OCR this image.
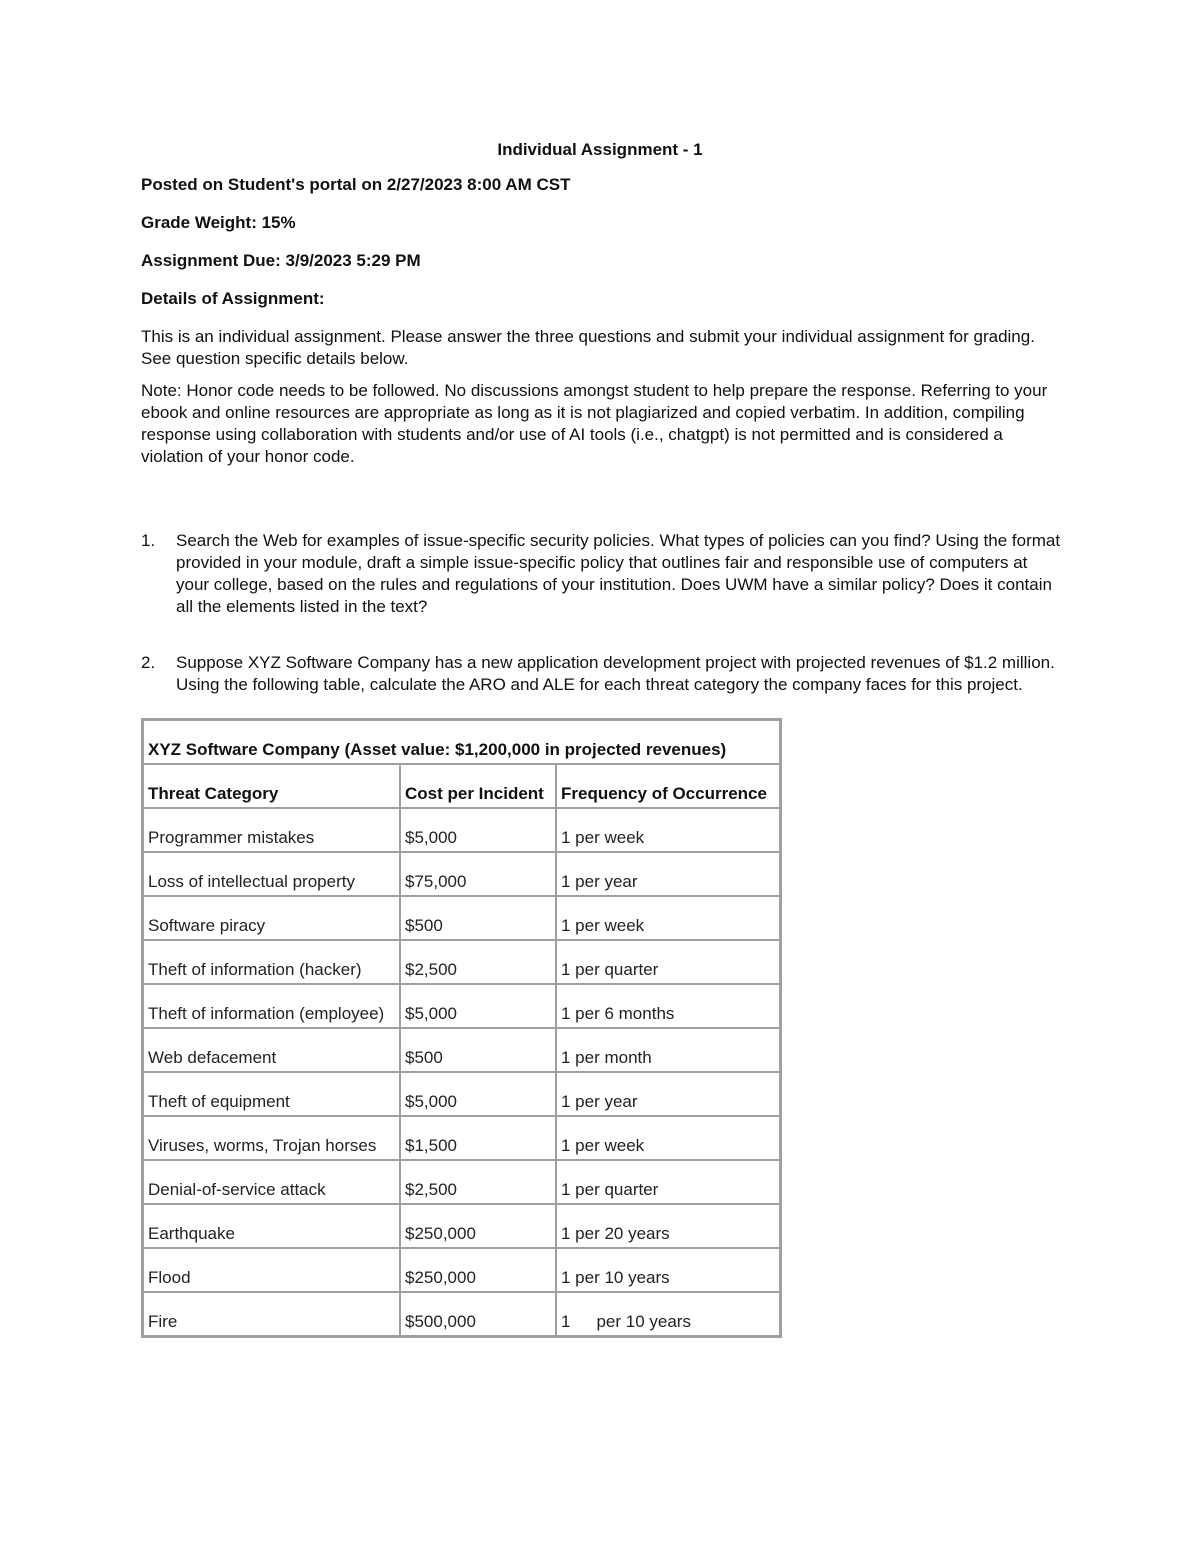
Individual Assignment - 1
Posted on Student's portal on 2/27/2023 8:00 AM CST
Grade Weight: 15%
Assignment Due: 3/9/2023 5:29 PM
Details of Assignment:

This is an individual assignment. Please answer the three questions and submit your individual assignment for grading. See question specific details below.

Note: Honor code needs to be followed. No discussions amongst student to help prepare the response. Referring to your ebook and online resources are appropriate as long as it is not plagiarized and copied verbatim. In addition, compiling response using collaboration with students and/or use of AI tools (i.e., chatgpt) is not permitted and is considered a violation of your honor code.

1. Search the Web for examples of issue-specific security policies. What types of policies can you find? Using the format provided in your module, draft a simple issue-specific policy that outlines fair and responsible use of computers at your college, based on the rules and regulations of your institution. Does UWM have a similar policy? Does it contain all the elements listed in the text?
2. Suppose XYZ Software Company has a new application development project with projected revenues of $1.2 million. Using the following table, calculate the ARO and ALE for each threat category the company faces for this project.
XYZ Software Company (Asset value: $1,200,000 in projected revenues)		
Threat Category	Cost per Incident	Frequency of Occurrence
Programmer mistakes	$5,000	1 per week
Loss of intellectual property	$75,000	1 per year
Software piracy	$500	1 per week
Theft of information (hacker)	$2,500	1 per quarter
Theft of information (employee)	$5,000	1 per 6 months
Web defacement	$500	1 per month
Theft of equipment	$5,000	1 per year
Viruses, worms, Trojan horses	$1,500	1 per week
Denial-of-service attack	$2,500	1 per quarter
Earthquake	$250,000	1 per 20 years
Flood	$250,000	1 per 10 years
Fire	$500,000	1 per 10 years
